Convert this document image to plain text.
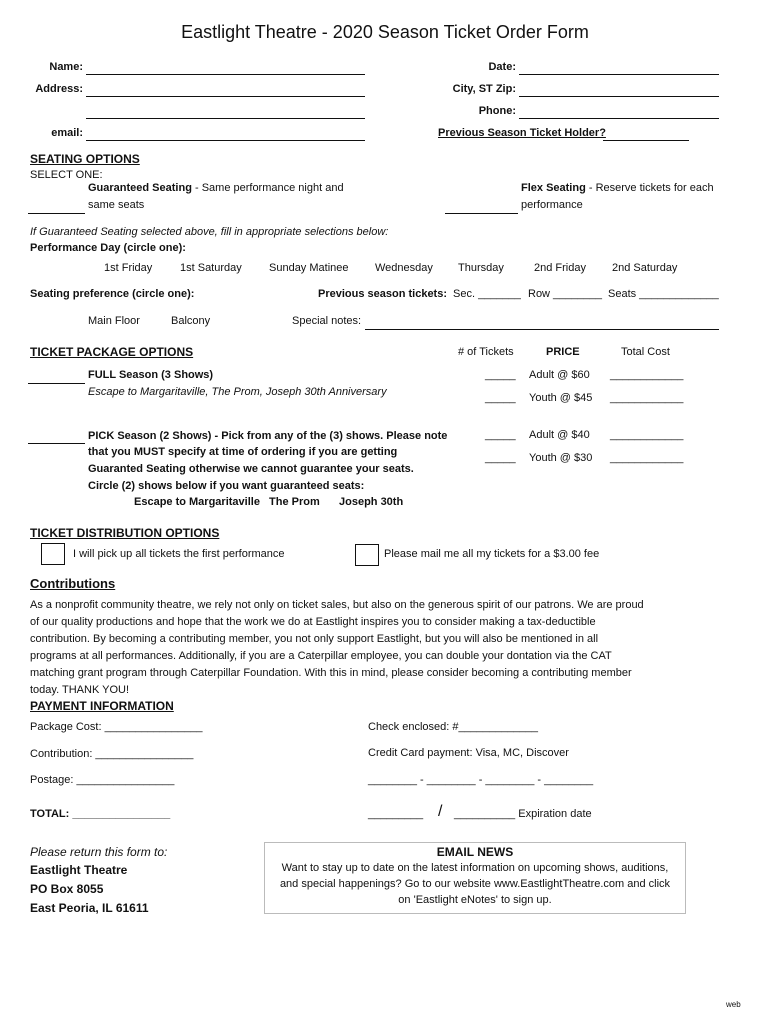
Eastlight Theatre - 2020 Season Ticket Order Form
Name:
Address:
email:
Date:
City, ST Zip:
Phone:
Previous Season Ticket Holder?
SEATING OPTIONS
SELECT ONE:
Guaranteed Seating - Same performance night and
same seats
Flex Seating - Reserve tickets for each
performance
If Guaranteed Seating selected above, fill in appropriate selections below:
Performance Day (circle one):
1st Friday	1st Saturday Sunday Matinee Wednesday Thursday	2nd Friday 2nd Saturday
Seating preference (circle one):	Previous season tickets: Sec. _______ Row ________ Seats _____________
Main Floor	Balcony	Special notes:
TICKET PACKAGE OPTIONS	# of Tickets	PRICE	Total Cost
FULL Season (3 Shows)
Escape to Margaritaville, The Prom, Joseph 30th Anniversary
_____ Adult @ $60 ____________
_____ Youth @ $45 ____________
PICK Season (2 Shows) - Pick from any of the (3) shows. Please note
that you MUST specify at time of ordering if you are getting
Guaranted Seating otherwise we cannot guarantee your seats.
Circle (2) shows below if you want guaranteed seats:
Escape to Margaritaville The Prom Joseph 30th
_____ Adult @ $40 ____________
_____ Youth @ $30 ____________
TICKET DISTRIBUTION OPTIONS
I will pick up all tickets the first performance	Please mail me all my tickets for a $3.00 fee
Contributions
As a nonprofit community theatre, we rely not only on ticket sales, but also on the generous spirit of our patrons. We are proud
of our quality productions and hope that the work we do at Eastlight inspires you to consider making a tax-deductible
contribution. By becoming a contributing member, you not only support Eastlight, but you will also be mentioned in all
programs at all performances. Additionally, if you are a Caterpillar employee, you can double your dontation via the CAT
matching grant program through Caterpillar Foundation. With this in mind, please consider becoming a contributing member
today. THANK YOU!
PAYMENT INFORMATION
Package Cost: ________________
Contribution: ________________
Postage: ________________
TOTAL: ________________
Check enclosed: #_____________
Credit Card payment: Visa, MC, Discover
________ - ________ - ________ - ________
_________ / __________ Expiration date
Please return this form to:
Eastlight Theatre
PO Box 8055
East Peoria, IL 61611
EMAIL NEWS
Want to stay up to date on the latest information on upcoming shows, auditions,
and special happenings? Go to our website www.EastlightTheatre.com and click
on 'Eastlight eNotes' to sign up.
web
